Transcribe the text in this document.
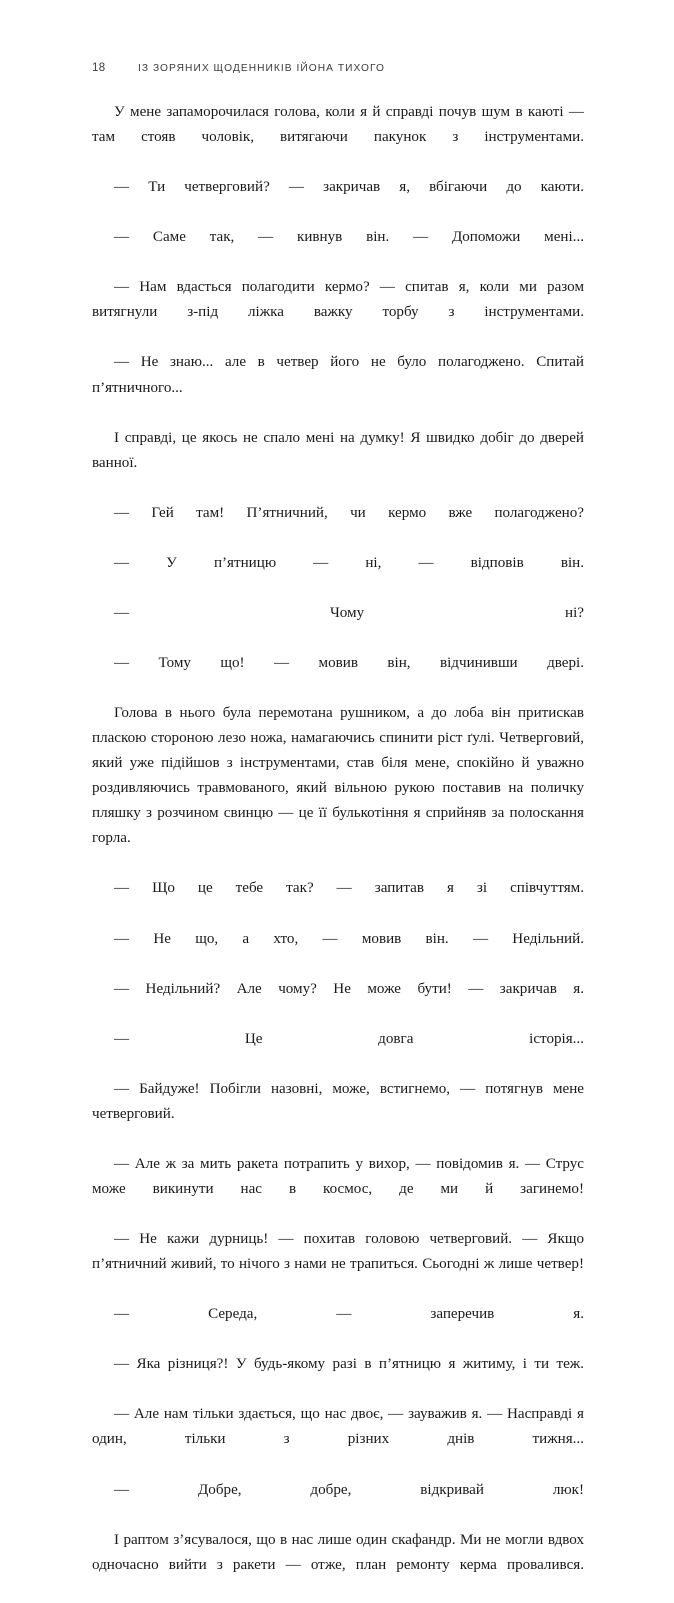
18	ІЗ ЗОРЯНИХ ЩОДЕННИКІВ ІЙОНА ТИХОГО

У мене запаморочилася голова, коли я й справді почув шум в каюті — там стояв чоловік, витягаючи пакунок з інструментами.

— Ти четверговий? — закричав я, вбігаючи до каюти.

— Саме так, — кивнув він. — Допоможи мені...

— Нам вдасться полагодити кермо? — спитав я, коли ми разом витягнули з-під ліжка важку торбу з інструментами.

— Не знаю... але в четвер його не було полагоджено. Спитай п’ятничного...

І справді, це якось не спало мені на думку! Я швидко добіг до дверей ванної.

— Гей там! П’ятничний, чи кермо вже полагоджено?

— У п’ятницю — ні, — відповів він.

— Чому ні?

— Тому що! — мовив він, відчинивши двері.

Голова в нього була перемотана рушником, а до лоба він притискав пласкою стороною лезо ножа, намагаючись спинити ріст ґулі. Четверговий, який уже підійшов з інструментами, став біля мене, спокійно й уважно роздивляючись травмованого, який вільною рукою поставив на поличку пляшку з розчином свинцю — це її булькотіння я сприйняв за полоскання горла.

— Що це тебе так? — запитав я зі співчуттям.

— Не що, а хто, — мовив він. — Недільний.

— Недільний? Але чому? Не може бути! — закричав я.

— Це довга історія...

— Байдуже! Побігли назовні, може, встигнемо, — потягнув мене четверговий.

— Але ж за мить ракета потрапить у вихор, — повідомив я. — Струс може викинути нас в космос, де ми й загинемо!

— Не кажи дурниць! — похитав головою четверговий. — Якщо п’ятничний живий, то нічого з нами не трапиться. Сьогодні ж лише четвер!

— Середа, — заперечив я.

— Яка різниця?! У будь-якому разі в п’ятницю я житиму, і ти теж.

— Але нам тільки здається, що нас двоє, — зауважив я. — Насправді я один, тільки з різних днів тижня...

— Добре, добре, відкривай люк!

І раптом з’ясувалося, що в нас лише один скафандр. Ми не могли вдвох одночасно вийти з ракети — отже, план ремонту керма провалився.
